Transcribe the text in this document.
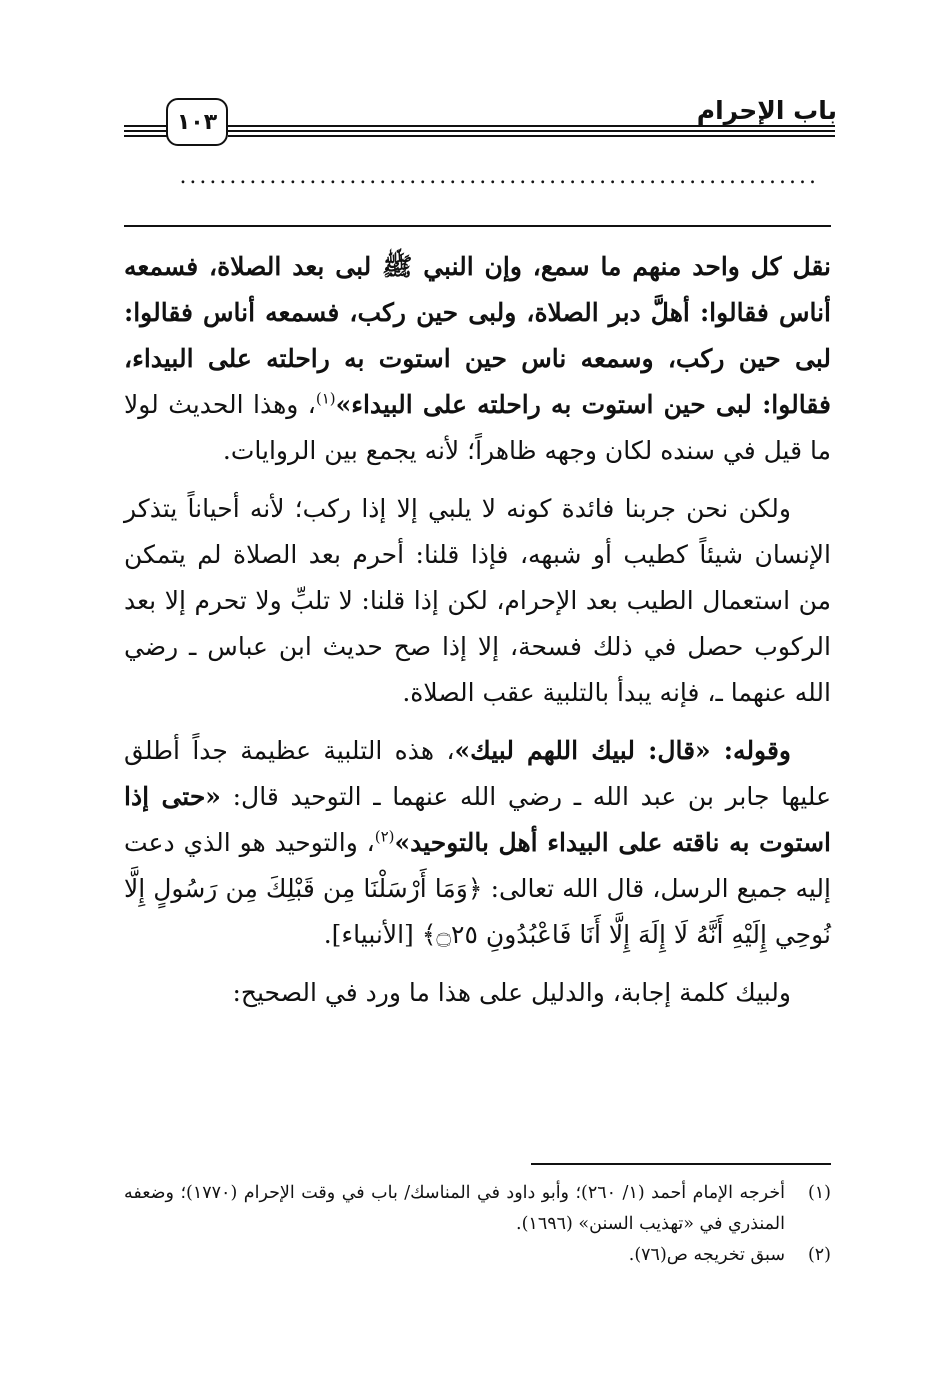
باب الإحرام
١٠٣
................................................................

نقل كل واحد منهم ما سمع، وإن النبي ﷺ لبى بعد الصلاة، فسمعه أناس فقالوا: أهلَّ دبر الصلاة، ولبى حين ركب، فسمعه أناس فقالوا: لبى حين ركب، وسمعه ناس حين استوت به راحلته على البيداء، فقالوا: لبى حين استوت به راحلته على البيداء»$^{(١)}$، وهذا الحديث لولا ما قيل في سنده لكان وجهه ظاهراً؛ لأنه يجمع بين الروايات.

ولكن نحن جربنا فائدة كونه لا يلبي إلا إذا ركب؛ لأنه أحياناً يتذكر الإنسان شيئاً كطيب أو شبهه، فإذا قلنا: أحرم بعد الصلاة لم يتمكن من استعمال الطيب بعد الإحرام، لكن إذا قلنا: لا تلبِّ ولا تحرم إلا بعد الركوب حصل في ذلك فسحة، إلا إذا صح حديث ابن عباس ـ رضي الله عنهما ـ، فإنه يبدأ بالتلبية عقب الصلاة.

وقوله: «قال: لبيك اللهم لبيك»، هذه التلبية عظيمة جداً أطلق عليها جابر بن عبد الله ـ رضي الله عنهما ـ التوحيد قال: «حتى إذا استوت به ناقته على البيداء أهل بالتوحيد»$^{(٢)}$، والتوحيد هو الذي دعت إليه جميع الرسل، قال الله تعالى: ﴿وَمَا أَرْسَلْنَا مِن قَبْلِكَ مِن رَسُولٍ إِلَّا نُوحِي إِلَيْهِ أَنَّهُ لَا إِلَهَ إِلَّا أَنَا فَاعْبُدُونِ ۝٢٥﴾ [الأنبياء].

ولبيك كلمة إجابة، والدليل على هذا ما ورد في الصحيح:

(١)
أخرجه الإمام أحمد (١/ ٢٦٠)؛ وأبو داود في المناسك/ باب في وقت الإحرام (١٧٧٠)؛ وضعفه المنذري في «تهذيب السنن» (١٦٩٦).
(٢)
سبق تخريجه ص(٧٦).
